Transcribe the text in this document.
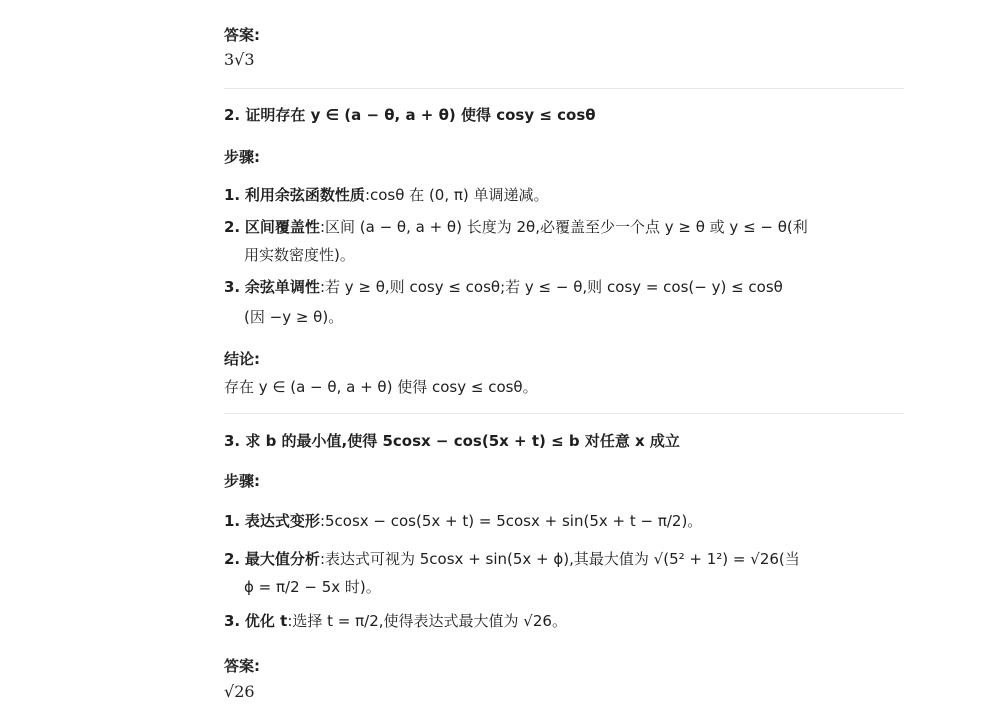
答案:
3√3
2. 证明存在 y ∈ (a − θ, a + θ) 使得 cosy ≤ cosθ
步骤:
1. 利用余弦函数性质:cosθ 在 (0, π) 单调递减。
2. 区间覆盖性:区间 (a − θ, a + θ) 长度为 2θ,必覆盖至少一个点 y ≥ θ 或 y ≤ − θ(利
用实数密度性)。
3. 余弦单调性:若 y ≥ θ,则 cosy ≤ cosθ;若 y ≤ − θ,则 cosy = cos(− y) ≤ cosθ
(因 −y ≥ θ)。
结论:
存在 y ∈ (a − θ, a + θ) 使得 cosy ≤ cosθ。
3. 求 b 的最小值,使得 5cosx − cos(5x + t) ≤ b 对任意 x 成立
步骤:
1. 表达式变形:5cosx − cos(5x + t) = 5cosx + sin(5x + t − π/2)。
2. 最大值分析:表达式可视为 5cosx + sin(5x + ϕ),其最大值为 √(5² + 1²) = √26(当
ϕ = π/2 − 5x 时)。
3. 优化 t:选择 t = π/2,使得表达式最大值为 √26。
答案:
√26
